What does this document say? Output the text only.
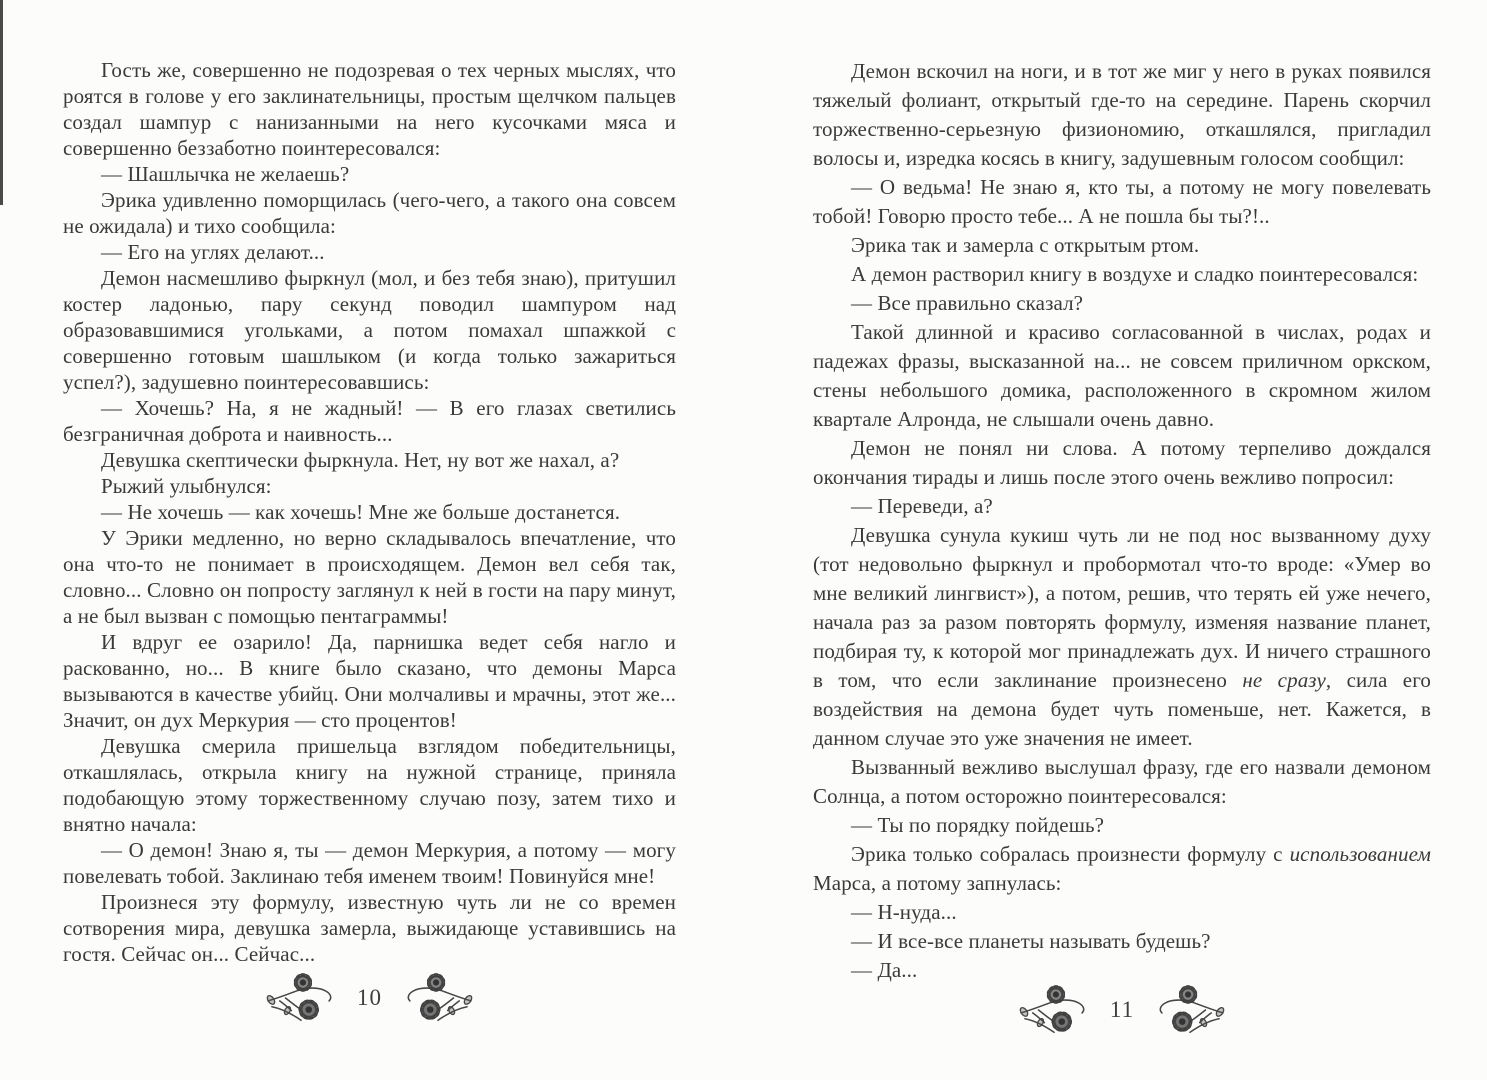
Гость же, совершенно не подозревая о тех черных мыслях, что роятся в голове у его заклинательницы, простым щелчком пальцев создал шампур с нанизанными на него кусочками мяса и совершенно беззаботно поинтересовался:

— Шашлычка не желаешь?

Эрика удивленно поморщилась (чего-чего, а такого она совсем не ожидала) и тихо сообщила:

— Его на углях делают...

Демон насмешливо фыркнул (мол, и без тебя знаю), притушил костер ладонью, пару секунд поводил шампуром над образовавшимися угольками, а потом помахал шпажкой с совершенно готовым шашлыком (и когда только зажариться успел?), задушевно поинтересовавшись:

— Хочешь? На, я не жадный! — В его глазах светились безграничная доброта и наивность...

Девушка скептически фыркнула. Нет, ну вот же нахал, а?

Рыжий улыбнулся:

— Не хочешь — как хочешь! Мне же больше достанется.

У Эрики медленно, но верно складывалось впечатление, что она что-то не понимает в происходящем. Демон вел себя так, словно... Словно он попросту заглянул к ней в гости на пару минут, а не был вызван с помощью пентаграммы!

И вдруг ее озарило! Да, парнишка ведет себя нагло и раскованно, но... В книге было сказано, что демоны Марса вызываются в качестве убийц. Они молчаливы и мрачны, этот же... Значит, он дух Меркурия — сто процентов!

Девушка смерила пришельца взглядом победительницы, откашлялась, открыла книгу на нужной странице, приняла подобающую этому торжественному случаю позу, затем тихо и внятно начала:

— О демон! Знаю я, ты — демон Меркурия, а потому — могу повелевать тобой. Заклинаю тебя именем твоим! Повинуйся мне!

Произнеся эту формулу, известную чуть ли не со времен сотворения мира, девушка замерла, выжидающе уставившись на гостя. Сейчас он... Сейчас...

Демон вскочил на ноги, и в тот же миг у него в руках появился тяжелый фолиант, открытый где-то на середине. Парень скорчил торжественно-серьезную физиономию, откашлялся, пригладил волосы и, изредка косясь в книгу, задушевным голосом сообщил:

— О ведьма! Не знаю я, кто ты, а потому не могу повелевать тобой! Говорю просто тебе... А не пошла бы ты?!..

Эрика так и замерла с открытым ртом.

А демон растворил книгу в воздухе и сладко поинтересовался:

— Все правильно сказал?

Такой длинной и красиво согласованной в числах, родах и падежах фразы, высказанной на... не совсем приличном оркском, стены небольшого домика, расположенного в скромном жилом квартале Алронда, не слышали очень давно.

Демон не понял ни слова. А потому терпеливо дождался окончания тирады и лишь после этого очень вежливо попросил:

— Переведи, а?

Девушка сунула кукиш чуть ли не под нос вызванному духу (тот недовольно фыркнул и пробормотал что-то вроде: «Умер во мне великий лингвист»), а потом, решив, что терять ей уже нечего, начала раз за разом повторять формулу, изменяя название планет, подбирая ту, к которой мог принадлежать дух. И ничего страшного в том, что если заклинание произнесено не сразу, сила его воздействия на демона будет чуть поменьше, нет. Кажется, в данном случае это уже значения не имеет.

Вызванный вежливо выслушал фразу, где его назвали демоном Солнца, а потом осторожно поинтересовался:

— Ты по порядку пойдешь?

Эрика только собралась произнести формулу с использованием Марса, а потому запнулась:

— Н-нуда...

— И все-все планеты называть будешь?

— Да...

10	11
